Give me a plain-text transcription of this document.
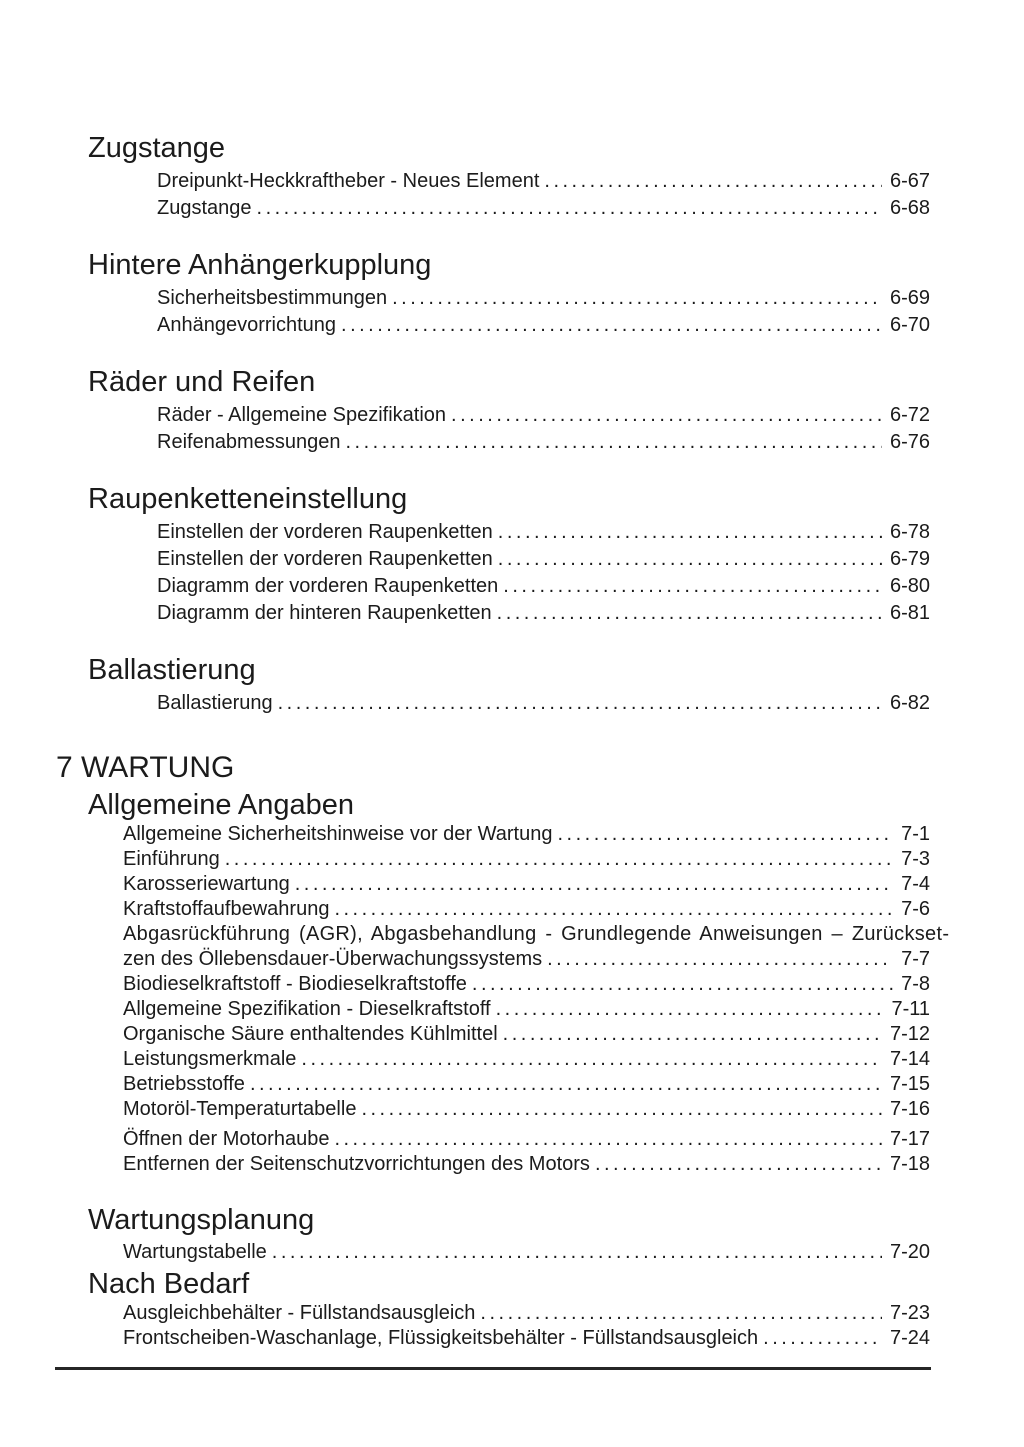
Zugstange
Dreipunkt-Heckkraftheber - Neues Element .....	6-67
Zugstange .....	6-68
Hintere Anhängerkupplung
Sicherheitsbestimmungen .....	6-69
Anhängevorrichtung .....	6-70
Räder und Reifen
Räder - Allgemeine Spezifikation .....	6-72
Reifenabmessungen .....	6-76
Raupenketteneinstellung
Einstellen der vorderen Raupenketten .....	6-78
Einstellen der vorderen Raupenketten .....	6-79
Diagramm der vorderen Raupenketten .....	6-80
Diagramm der hinteren Raupenketten .....	6-81
Ballastierung
Ballastierung .....	6-82
7 WARTUNG
Allgemeine Angaben
Allgemeine Sicherheitshinweise vor der Wartung .....	7-1
Einführung .....	7-3
Karosseriewartung .....	7-4
Kraftstoffaufbewahrung .....	7-6
Abgasrückführung (AGR), Abgasbehandlung - Grundlegende Anweisungen – Zurückset-
zen des Öllebensdauer-Überwachungssystems .....	7-7
Biodieselkraftstoff - Biodieselkraftstoffe .....	7-8
Allgemeine Spezifikation - Dieselkraftstoff .....	7-11
Organische Säure enthaltendes Kühlmittel .....	7-12
Leistungsmerkmale .....	7-14
Betriebsstoffe .....	7-15
Motoröl-Temperaturtabelle .....	7-16
Öffnen der Motorhaube .....	7-17
Entfernen der Seitenschutzvorrichtungen des Motors .....	7-18
Wartungsplanung
Wartungstabelle .....	7-20
Nach Bedarf
Ausgleichbehälter - Füllstandsausgleich .....	7-23
Frontscheiben-Waschanlage, Flüssigkeitsbehälter - Füllstandsausgleich .....	7-24
